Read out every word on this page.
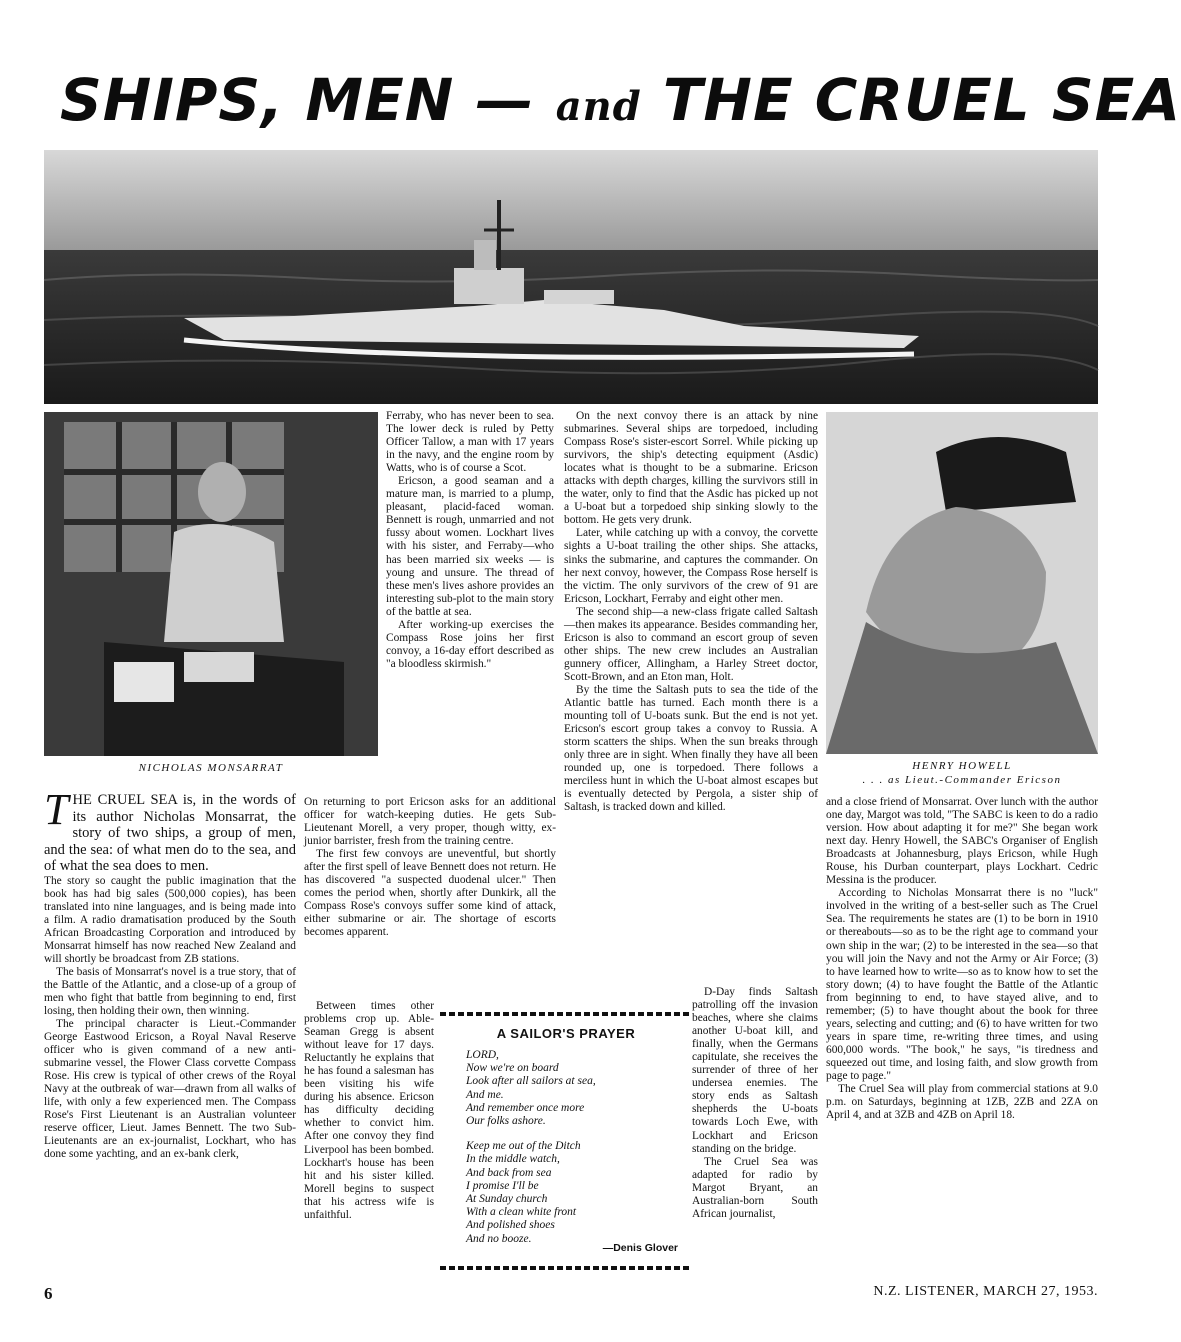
SHIPS, MEN — and THE CRUEL SEA
NICHOLAS MONSARRAT	HENRY HOWELL
. . . as Lieut.-Commander Ericson

THE CRUEL SEA is, in the words of its author Nicholas Monsarrat, the story of two ships, a group of men, and the sea: of what men do to the sea, and of what the sea does to men.

The story so caught the public imagination that the book has had big sales (500,000 copies), has been translated into nine languages, and is being made into a film. A radio dramatisation produced by the South African Broadcasting Corporation and introduced by Monsarrat himself has now reached New Zealand and will shortly be broadcast from ZB stations.

The basis of Monsarrat's novel is a true story, that of the Battle of the Atlantic, and a close-up of a group of men who fight that battle from beginning to end, first losing, then holding their own, then winning.

The principal character is Lieut.-Commander George Eastwood Ericson, a Royal Naval Reserve officer who is given command of a new anti-submarine vessel, the Flower Class corvette Compass Rose. His crew is typical of other crews of the Royal Navy at the outbreak of war—drawn from all walks of life, with only a few experienced men. The Compass Rose's First Lieutenant is an Australian volunteer reserve officer, Lieut. James Bennett. The two Sub-Lieutenants are an ex-journalist, Lockhart, who has done some yachting, and an ex-bank clerk,

Ferraby, who has never been to sea. The lower deck is ruled by Petty Officer Tallow, a man with 17 years in the navy, and the engine room by Watts, who is of course a Scot.

Ericson, a good seaman and a mature man, is married to a plump, pleasant, placid-faced woman. Bennett is rough, unmarried and not fussy about women. Lockhart lives with his sister, and Ferraby—who has been married six weeks — is young and unsure. The thread of these men's lives ashore provides an interesting sub-plot to the main story of the battle at sea.

After working-up exercises the Compass Rose joins her first convoy, a 16-day effort described as "a bloodless skirmish."

On returning to port Ericson asks for an additional officer for watch-keeping duties. He gets Sub-Lieutenant Morell, a very proper, though witty, ex-junior barrister, fresh from the training centre.

The first few convoys are uneventful, but shortly after the first spell of leave Bennett does not return. He has discovered "a suspected duodenal ulcer." Then comes the period when, shortly after Dunkirk, all the Compass Rose's convoys suffer some kind of attack, either submarine or air. The shortage of escorts becomes apparent.

Between times other problems crop up. Able-Seaman Gregg is absent without leave for 17 days. Reluctantly he explains that he has found a salesman has been visiting his wife during his absence. Ericson has difficulty deciding whether to convict him. After one convoy they find Liverpool has been bombed. Lockhart's house has been hit and his sister killed. Morell begins to suspect that his actress wife is unfaithful.

On the next convoy there is an attack by nine submarines. Several ships are torpedoed, including Compass Rose's sister-escort Sorrel. While picking up survivors, the ship's detecting equipment (Asdic) locates what is thought to be a submarine. Ericson attacks with depth charges, killing the survivors still in the water, only to find that the Asdic has picked up not a U-boat but a torpedoed ship sinking slowly to the bottom. He gets very drunk.

Later, while catching up with a convoy, the corvette sights a U-boat trailing the other ships. She attacks, sinks the submarine, and captures the commander. On her next convoy, however, the Compass Rose herself is the victim. The only survivors of the crew of 91 are Ericson, Lockhart, Ferraby and eight other men.

The second ship—a new-class frigate called Saltash—then makes its appearance. Besides commanding her, Ericson is also to command an escort group of seven other ships. The new crew includes an Australian gunnery officer, Allingham, a Harley Street doctor, Scott-Brown, and an Eton man, Holt.

By the time the Saltash puts to sea the tide of the Atlantic battle has turned. Each month there is a mounting toll of U-boats sunk. But the end is not yet. Ericson's escort group takes a convoy to Russia. A storm scatters the ships. When the sun breaks through only three are in sight. When finally they have all been rounded up, one is torpedoed. There follows a merciless hunt in which the U-boat almost escapes but is eventually detected by Pergola, a sister ship of Saltash, is tracked down and killed.

D-Day finds Saltash patrolling off the invasion beaches, where she claims another U-boat kill, and finally, when the Germans capitulate, she receives the surrender of three of her undersea enemies. The story ends as Saltash shepherds the U-boats towards Loch Ewe, with Lockhart and Ericson standing on the bridge.

The Cruel Sea was adapted for radio by Margot Bryant, an Australian-born South African journalist,

and a close friend of Monsarrat. Over lunch with the author one day, Margot was told, "The SABC is keen to do a radio version. How about adapting it for me?" She began work next day. Henry Howell, the SABC's Organiser of English Broadcasts at Johannesburg, plays Ericson, while Hugh Rouse, his Durban counterpart, plays Lockhart. Cedric Messina is the producer.

According to Nicholas Monsarrat there is no "luck" involved in the writing of a best-seller such as The Cruel Sea. The requirements he states are (1) to be born in 1910 or thereabouts—so as to be the right age to command your own ship in the war; (2) to be interested in the sea—so that you will join the Navy and not the Army or Air Force; (3) to have learned how to write—so as to know how to set the story down; (4) to have fought the Battle of the Atlantic from beginning to end, to have stayed alive, and to remember; (5) to have thought about the book for three years, selecting and cutting; and (6) to have written for two years in spare time, re-writing three times, and using 600,000 words. "The book," he says, "is tiredness and squeezed out time, and losing faith, and slow growth from page to page."

The Cruel Sea will play from commercial stations at 9.0 p.m. on Saturdays, beginning at 1ZB, 2ZB and 2ZA on April 4, and at 3ZB and 4ZB on April 18.

A SAILOR'S PRAYER
LORD,
Now we're on board
Look after all sailors at sea,
And me.
And remember once more
Our folks ashore.
Keep me out of the Ditch
In the middle watch,
And back from sea
I promise I'll be
At Sunday church
With a clean white front
And polished shoes
And no booze.
—Denis Glover
6	N.Z. LISTENER, MARCH 27, 1953.
